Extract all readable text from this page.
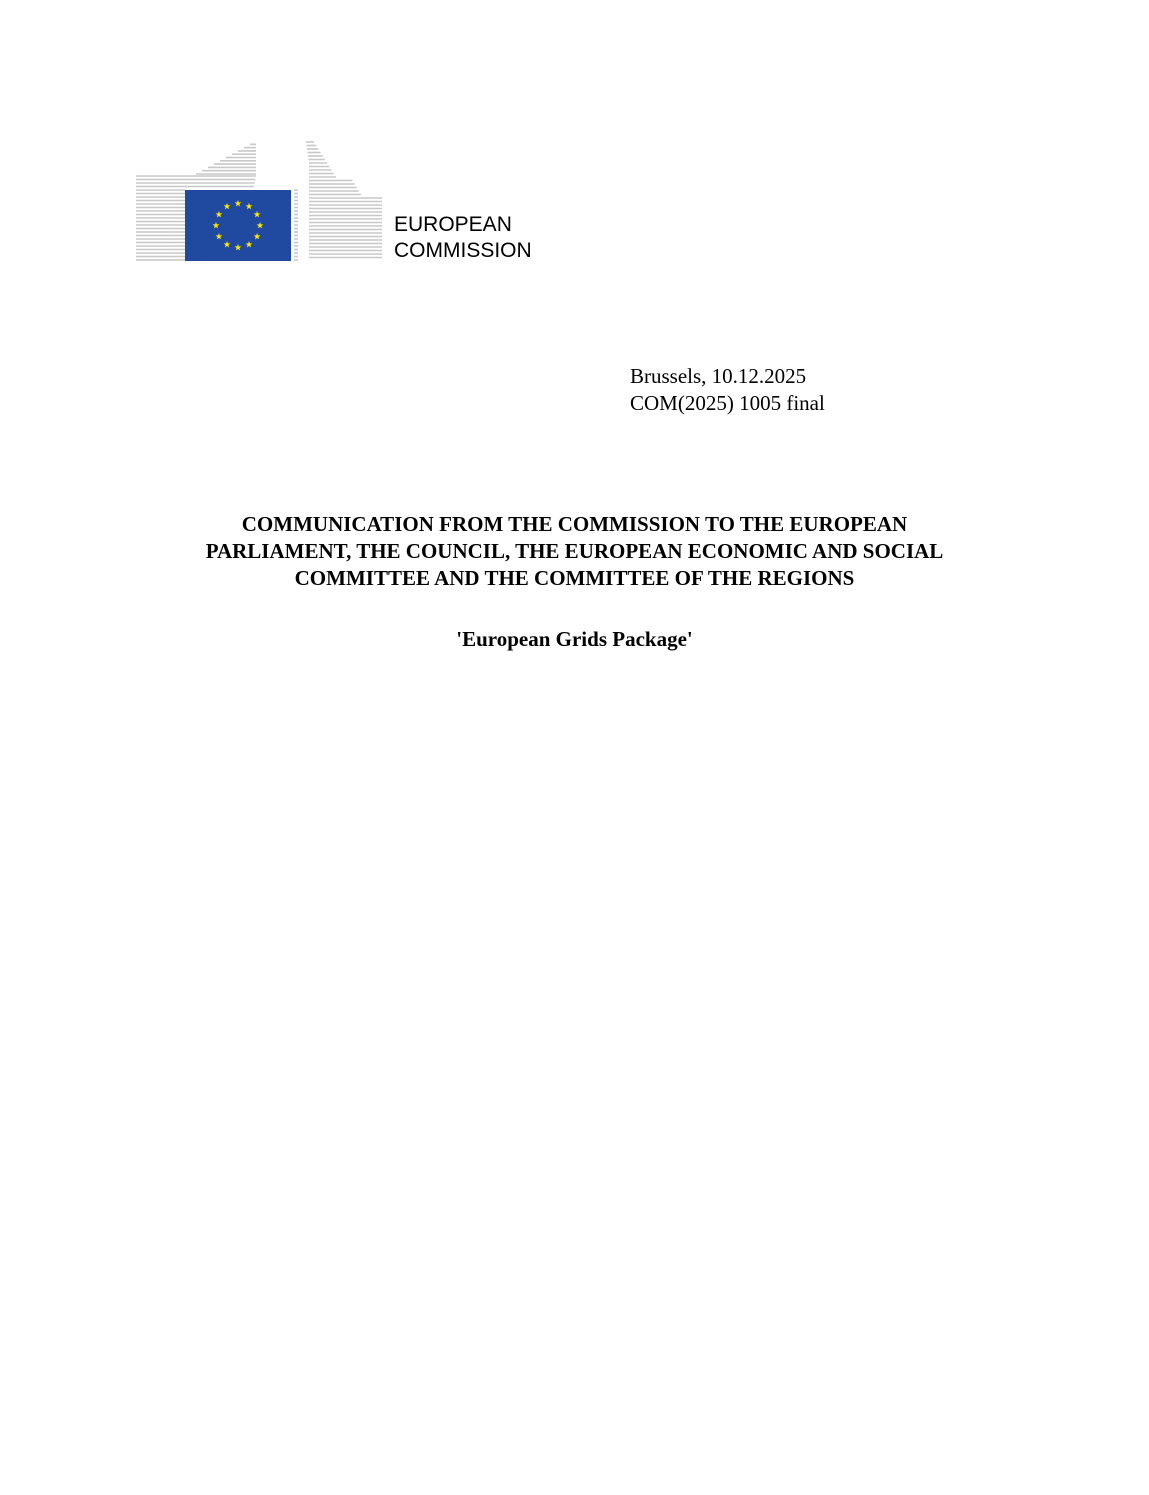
EUROPEAN
COMMISSION
Brussels, 10.12.2025
COM(2025) 1005 final
COMMUNICATION FROM THE COMMISSION TO THE EUROPEAN
PARLIAMENT, THE COUNCIL, THE EUROPEAN ECONOMIC AND SOCIAL
COMMITTEE AND THE COMMITTEE OF THE REGIONS
'European Grids Package'
